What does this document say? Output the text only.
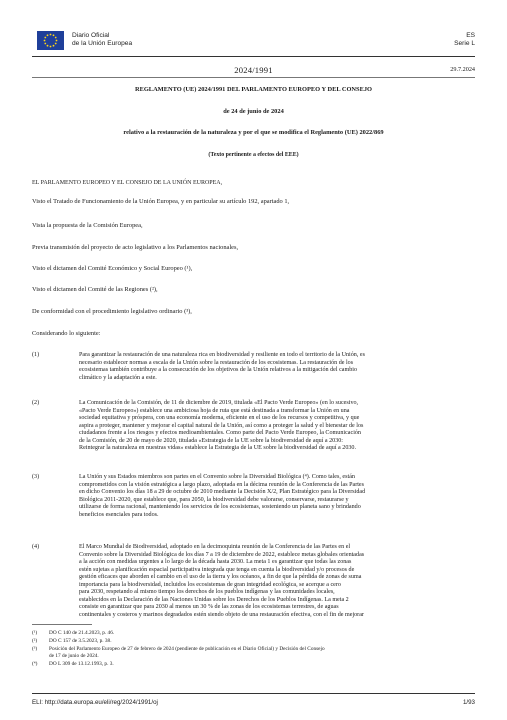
Diario Oficial
de la Unión Europea
ES
Serie L
2024/1991	29.7.2024
REGLAMENTO (UE) 2024/1991 DEL PARLAMENTO EUROPEO Y DEL CONSEJO
de 24 de junio de 2024
relativo a la restauración de la naturaleza y por el que se modifica el Reglamento (UE) 2022/869
(Texto pertinente a efectos del EEE)
EL PARLAMENTO EUROPEO Y EL CONSEJO DE LA UNIÓN EUROPEA,
Visto el Tratado de Funcionamiento de la Unión Europea, y en particular su artículo 192, apartado 1,
Vista la propuesta de la Comisión Europea,
Previa transmisión del proyecto de acto legislativo a los Parlamentos nacionales,
Visto el dictamen del Comité Económico y Social Europeo (¹),
Visto el dictamen del Comité de las Regiones (²),
De conformidad con el procedimiento legislativo ordinario (³),
Considerando lo siguiente:
(1)	Para garantizar la restauración de una naturaleza rica en biodiversidad y resiliente en todo el territorio de la Unión, es
necesario establecer normas a escala de la Unión sobre la restauración de los ecosistemas. La restauración de los
ecosistemas también contribuye a la consecución de los objetivos de la Unión relativos a la mitigación del cambio
climático y la adaptación a este.
(2)	La Comunicación de la Comisión, de 11 de diciembre de 2019, titulada «El Pacto Verde Europeo» (en lo sucesivo,
«Pacto Verde Europeo») establece una ambiciosa hoja de ruta que está destinada a transformar la Unión en una
sociedad equitativa y próspera, con una economía moderna, eficiente en el uso de los recursos y competitiva, y que
aspira a proteger, mantener y mejorar el capital natural de la Unión, así como a proteger la salud y el bienestar de los
ciudadanos frente a los riesgos y efectos medioambientales. Como parte del Pacto Verde Europeo, la Comunicación
de la Comisión, de 20 de mayo de 2020, titulada «Estrategia de la UE sobre la biodiversidad de aquí a 2030:
Reintegrar la naturaleza en nuestras vidas» establece la Estrategia de la UE sobre la biodiversidad de aquí a 2030.
(3)	La Unión y sus Estados miembros son partes en el Convenio sobre la Diversidad Biológica (⁴). Como tales, están
comprometidos con la visión estratégica a largo plazo, adoptada en la décima reunión de la Conferencia de las Partes
en dicho Convenio los días 18 a 29 de octubre de 2010 mediante la Decisión X/2, Plan Estratégico para la Diversidad
Biológica 2011-2020, que establece que, para 2050, la biodiversidad debe valorarse, conservarse, restaurarse y
utilizarse de forma racional, manteniendo los servicios de los ecosistemas, sosteniendo un planeta sano y brindando
beneficios esenciales para todos.
(4)	El Marco Mundial de Biodiversidad, adoptado en la decimoquinta reunión de la Conferencia de las Partes en el
Convenio sobre la Diversidad Biológica de los días 7 a 19 de diciembre de 2022, establece metas globales orientadas
a la acción con medidas urgentes a lo largo de la década hasta 2030. La meta 1 es garantizar que todas las zonas
estén sujetas a planificación espacial participativa integrada que tenga en cuenta la biodiversidad y/o procesos de
gestión eficaces que aborden el cambio en el uso de la tierra y los océanos, a fin de que la pérdida de zonas de suma
importancia para la biodiversidad, incluidos los ecosistemas de gran integridad ecológica, se acerque a cero
para 2030, respetando al mismo tiempo los derechos de los pueblos indígenas y las comunidades locales,
establecidos en la Declaración de las Naciones Unidas sobre los Derechos de los Pueblos Indígenas. La meta 2
consiste en garantizar que para 2030 al menos un 30 % de las zonas de los ecosistemas terrestres, de aguas
continentales y costeros y marinos degradados estén siendo objeto de una restauración efectiva, con el fin de mejorar
(¹) DO C 140 de 21.4.2023, p. 46.
(²) DO C 157 de 3.5.2023, p. 38.
(³) Posición del Parlamento Europeo de 27 de febrero de 2024 (pendiente de publicación en el Diario Oficial) y Decisión del Consejo
de 17 de junio de 2024.
(⁴) DO L 309 de 13.12.1993, p. 3.
ELI: http://data.europa.eu/eli/reg/2024/1991/oj	1/93
